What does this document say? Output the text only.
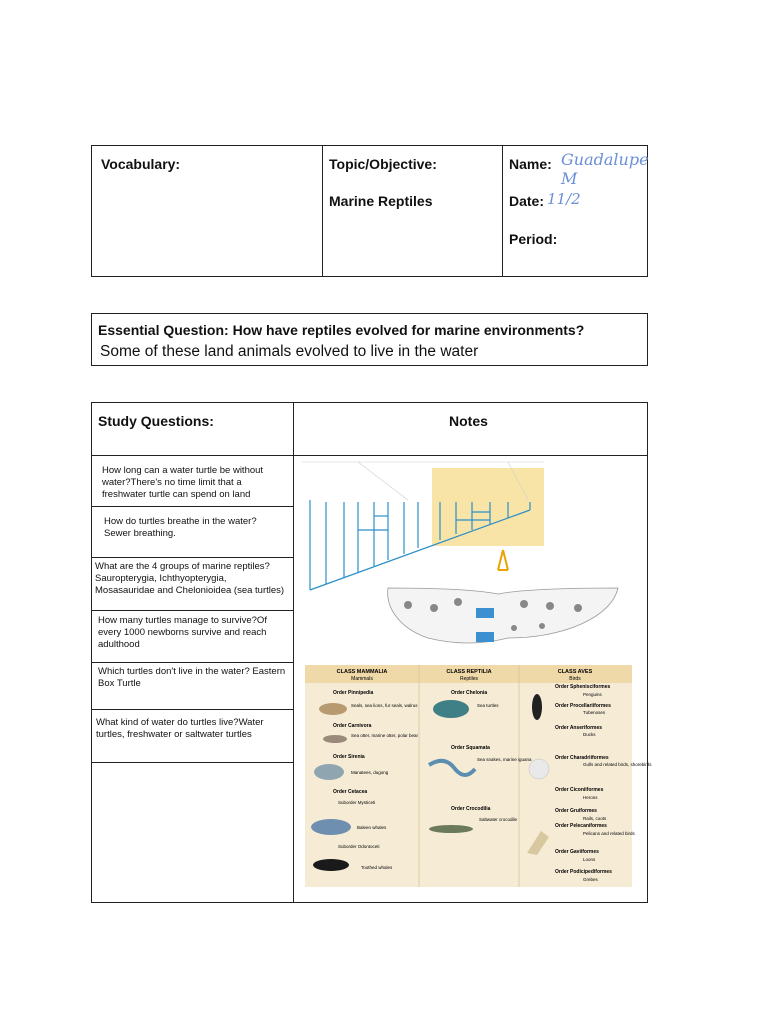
Vocabulary:	Topic/Objective:
Marine Reptiles
Name: Guadalupe M
Date: 11/2
Period:
Essential Question: How have reptiles evolved for marine environments?
Some of these land animals evolved to live in the water
Study Questions:	Notes
How long can a water turtle be without water?There's no time limit that a freshwater turtle can spend on land
How do turtles breathe in the water? Sewer breathing.
What are the 4 groups of marine reptiles? Sauropterygia, Ichthyopterygia, Mosasauridae and Chelonioidea (sea turtles)
How many turtles manage to survive?Of every 1000 newborns survive and reach adulthood
Which turtles don't live in the water? Eastern Box Turtle
What kind of water do turtles live?Water turtles, freshwater or saltwater turtles
CLASS MAMMALIA
Mammals
CLASS REPTILIA
Reptiles
CLASS AVES
Birds
Order Pinnipedia
Seals, sea lions, fur seals, walrus
Order Carnivora
Sea otter, marine otter, polar bear
Order Sirenia
Manatees, dugong
Order Cetacea
Suborder Mysticeti
Baleen whales
Suborder Odontoceti
Toothed whales
Order Chelonia
Sea turtles
Order Squamata
Sea snakes, marine iguana
Order Crocodilia
Saltwater crocodile
Order Sphenisciformes
Penguins
Order Procellariiformes
Tubenoses
Order Anseriformes
Ducks
Order Charadriiformes
Gulls and related birds, shorebirds
Order Ciconiiformes
Herons
Order Gruiformes
Rails, coots
Order Pelecaniformes
Pelicans and related birds
Order Gaviiformes
Loons
Order Podicipediformes
Grebes
